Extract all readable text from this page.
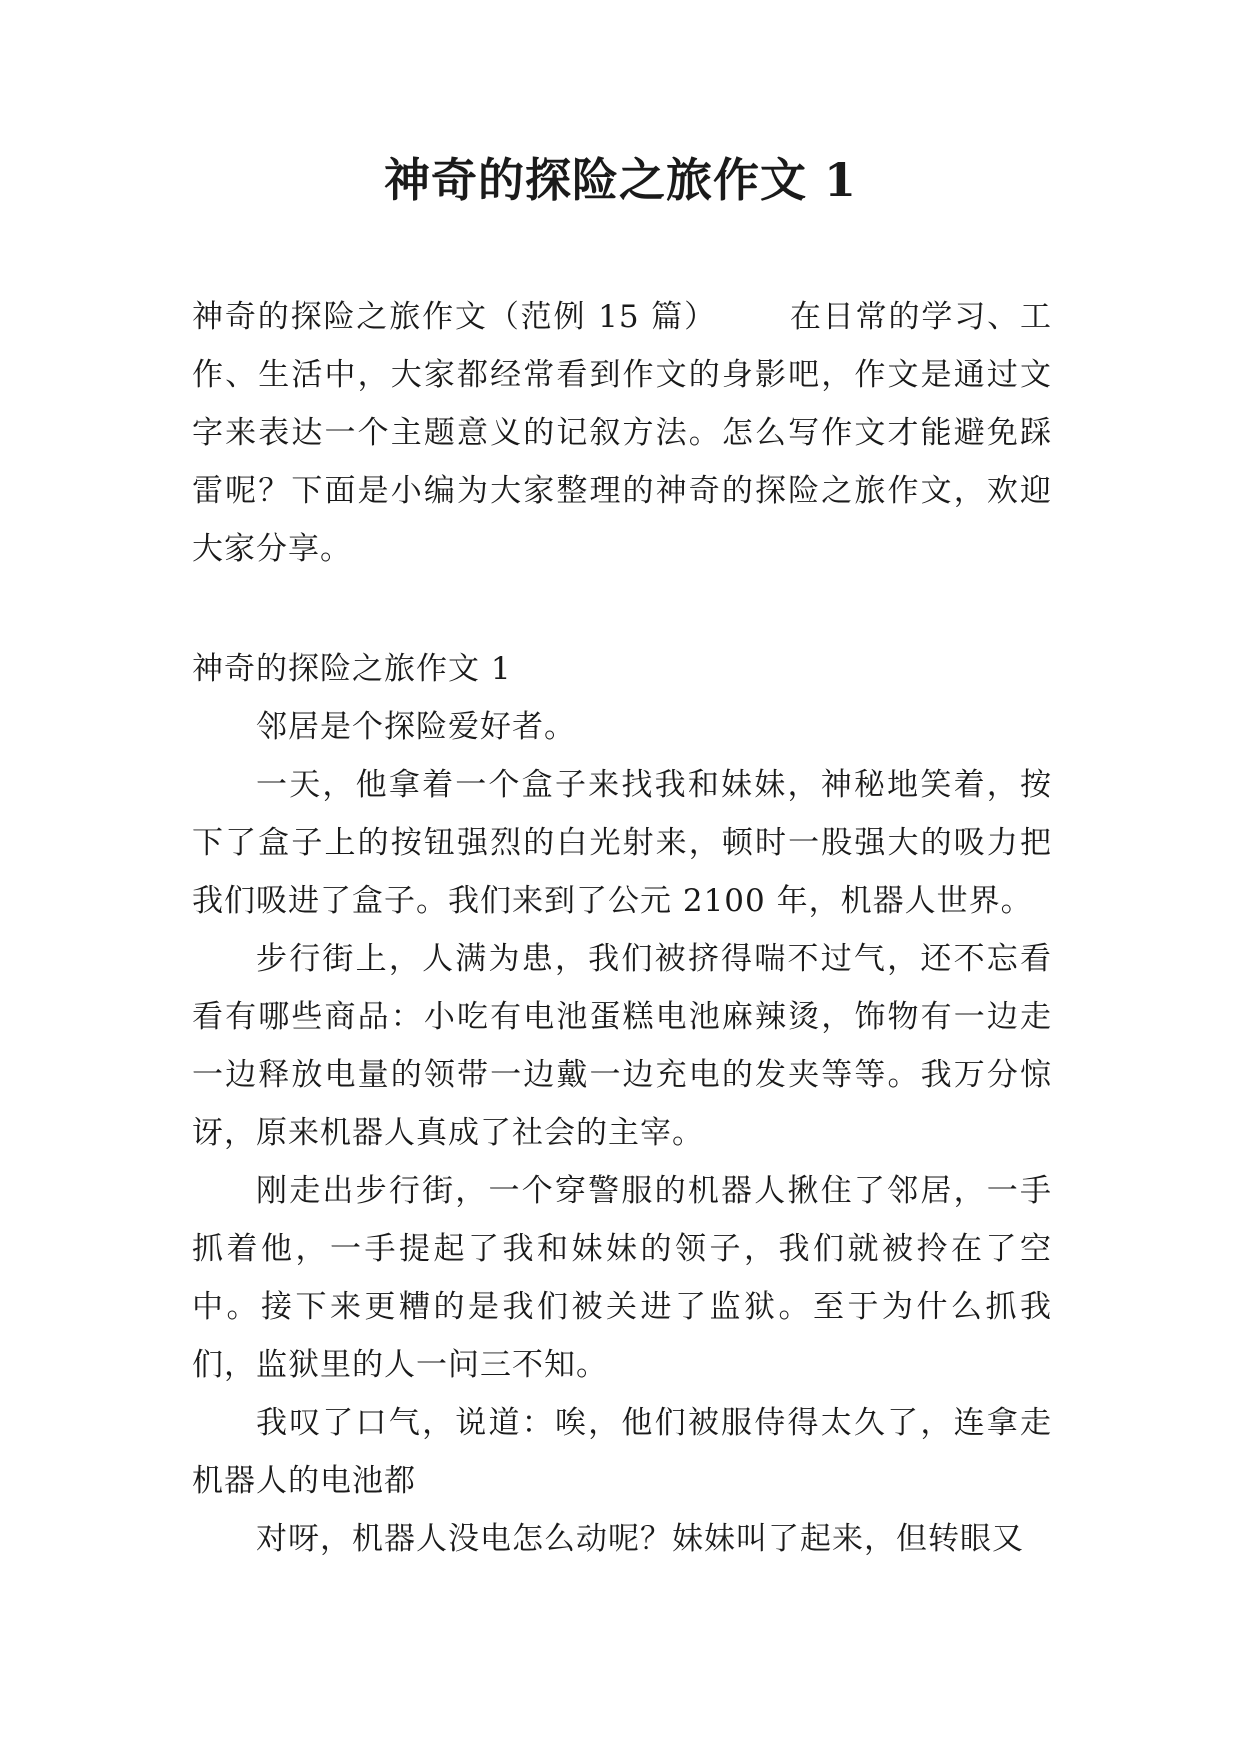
神奇的探险之旅作文 1

神奇的探险之旅作文（范例 15 篇） 在日常的学习、工作、生活中，大家都经常看到作文的身影吧，作文是通过文字来表达一个主题意义的记叙方法。怎么写作文才能避免踩雷呢？下面是小编为大家整理的神奇的探险之旅作文，欢迎大家分享。

神奇的探险之旅作文 1

邻居是个探险爱好者。

一天，他拿着一个盒子来找我和妹妹，神秘地笑着，按下了盒子上的按钮强烈的白光射来，顿时一股强大的吸力把我们吸进了盒子。我们来到了公元 2100 年，机器人世界。

步行街上，人满为患，我们被挤得喘不过气，还不忘看看有哪些商品：小吃有电池蛋糕电池麻辣烫，饰物有一边走一边释放电量的领带一边戴一边充电的发夹等等。我万分惊讶，原来机器人真成了社会的主宰。

刚走出步行街，一个穿警服的机器人揪住了邻居，一手抓着他，一手提起了我和妹妹的领子，我们就被拎在了空中。接下来更糟的是我们被关进了监狱。至于为什么抓我们，监狱里的人一问三不知。

我叹了口气，说道：唉，他们被服侍得太久了，连拿走机器人的电池都

对呀，机器人没电怎么动呢？妹妹叫了起来，但转眼又
